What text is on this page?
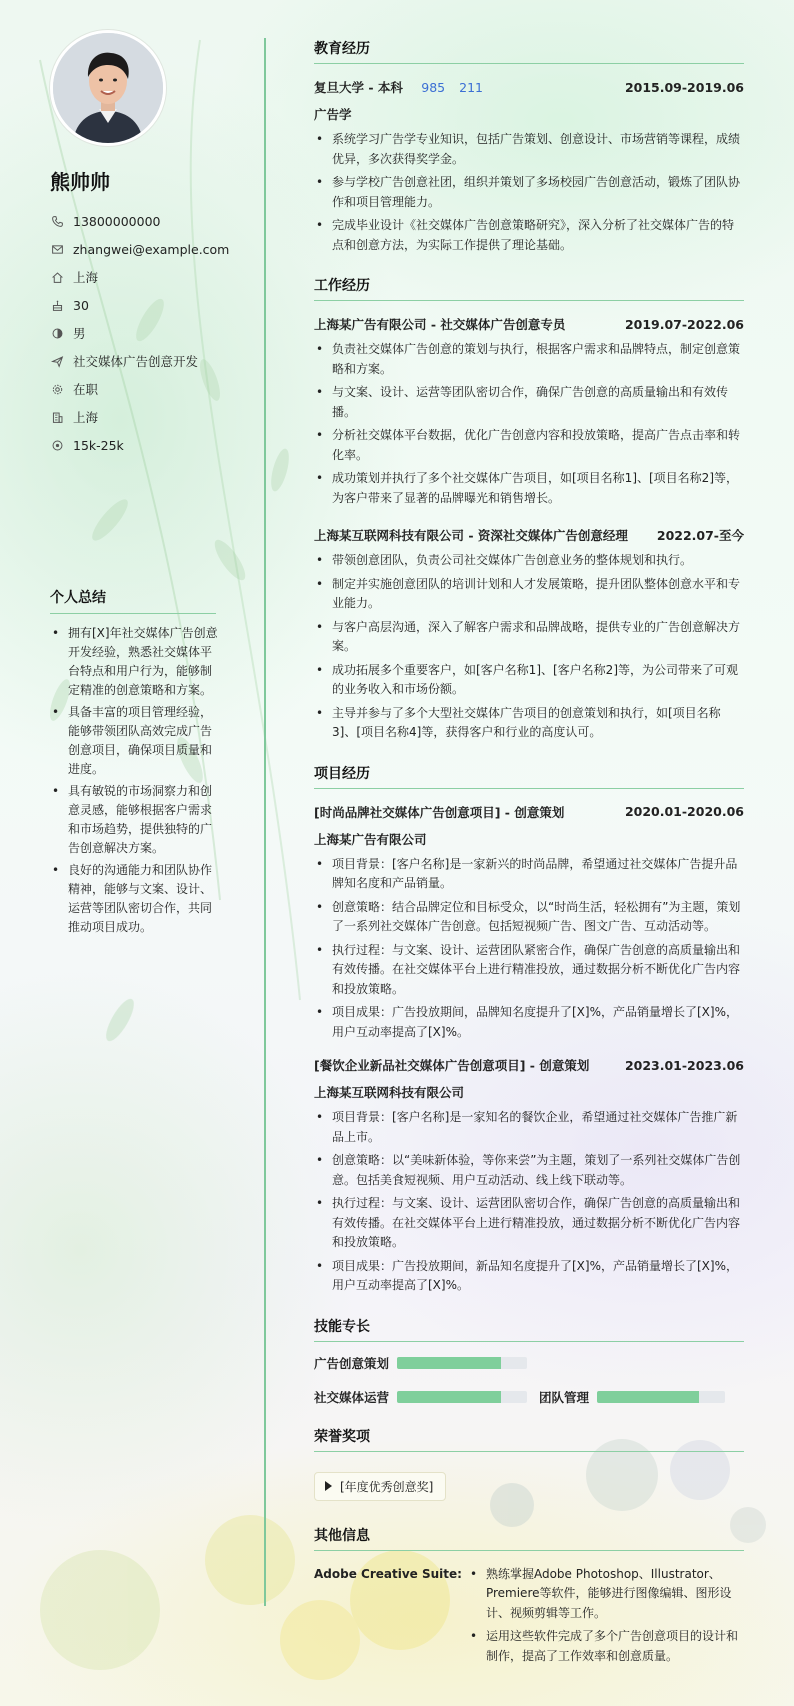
熊帅帅
13800000000
zhangwei@example.com
上海
30
男
社交媒体广告创意开发
在职
上海
15k-25k
个人总结
• 拥有[X]年社交媒体广告创意开发经验，熟悉社交媒体平台特点和用户行为，能够制定精准的创意策略和方案。
• 具备丰富的项目管理经验，能够带领团队高效完成广告创意项目，确保项目质量和进度。
• 具有敏锐的市场洞察力和创意灵感，能够根据客户需求和市场趋势，提供独特的广告创意解决方案。
• 良好的沟通能力和团队协作精神，能够与文案、设计、运营等团队密切合作，共同推动项目成功。
教育经历
复旦大学 - 本科 985 211	2015.09-2019.06
广告学
• 系统学习广告学专业知识，包括广告策划、创意设计、市场营销等课程，成绩优异，多次获得奖学金。
• 参与学校广告创意社团，组织并策划了多场校园广告创意活动，锻炼了团队协作和项目管理能力。
• 完成毕业设计《社交媒体广告创意策略研究》，深入分析了社交媒体广告的特点和创意方法，为实际工作提供了理论基础。
工作经历
上海某广告有限公司 - 社交媒体广告创意专员	2019.07-2022.06
• 负责社交媒体广告创意的策划与执行，根据客户需求和品牌特点，制定创意策略和方案。
• 与文案、设计、运营等团队密切合作，确保广告创意的高质量输出和有效传播。
• 分析社交媒体平台数据，优化广告创意内容和投放策略，提高广告点击率和转化率。
• 成功策划并执行了多个社交媒体广告项目，如[项目名称1]、[项目名称2]等，为客户带来了显著的品牌曝光和销售增长。
上海某互联网科技有限公司 - 资深社交媒体广告创意经理 2022.07-至今
• 带领创意团队，负责公司社交媒体广告创意业务的整体规划和执行。
• 制定并实施创意团队的培训计划和人才发展策略，提升团队整体创意水平和专业能力。
• 与客户高层沟通，深入了解客户需求和品牌战略，提供专业的广告创意解决方案。
• 成功拓展多个重要客户，如[客户名称1]、[客户名称2]等，为公司带来了可观的业务收入和市场份额。
• 主导并参与了多个大型社交媒体广告项目的创意策划和执行，如[项目名称3]、[项目名称4]等，获得客户和行业的高度认可。
项目经历
[时尚品牌社交媒体广告创意项目] - 创意策划	2020.01-2020.06
上海某广告有限公司
• 项目背景：[客户名称]是一家新兴的时尚品牌，希望通过社交媒体广告提升品牌知名度和产品销量。
• 创意策略：结合品牌定位和目标受众，以“时尚生活，轻松拥有”为主题，策划了一系列社交媒体广告创意。包括短视频广告、图文广告、互动活动等。
• 执行过程：与文案、设计、运营团队紧密合作，确保广告创意的高质量输出和有效传播。在社交媒体平台上进行精准投放，通过数据分析不断优化广告内容和投放策略。
• 项目成果：广告投放期间，品牌知名度提升了[X]%，产品销量增长了[X]%，用户互动率提高了[X]%。
[餐饮企业新品社交媒体广告创意项目] - 创意策划	2023.01-2023.06
上海某互联网科技有限公司
• 项目背景：[客户名称]是一家知名的餐饮企业，希望通过社交媒体广告推广新品上市。
• 创意策略：以“美味新体验，等你来尝”为主题，策划了一系列社交媒体广告创意。包括美食短视频、用户互动活动、线上线下联动等。
• 执行过程：与文案、设计、运营团队密切合作，确保广告创意的高质量输出和有效传播。在社交媒体平台上进行精准投放，通过数据分析不断优化广告内容和投放策略。
• 项目成果：广告投放期间，新品知名度提升了[X]%，产品销量增长了[X]%，用户互动率提高了[X]%。
技能专长
广告创意策划
社交媒体运营	团队管理
荣誉奖项
[年度优秀创意奖]
其他信息
Adobe Creative Suite:
•	熟练掌握Adobe Photoshop、Illustrator、Premiere等软件，能够进行图像编辑、图形设计、视频剪辑等工作。
• 运用这些软件完成了多个广告创意项目的设计和制作，提高了工作效率和创意质量。
